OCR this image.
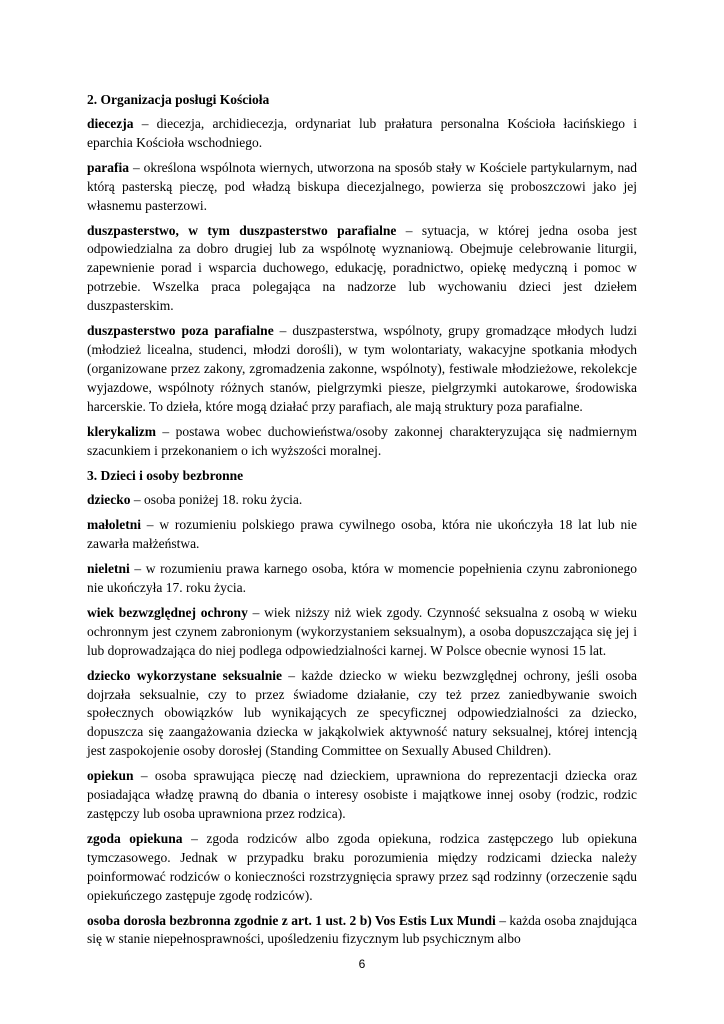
2. Organizacja posługi Kościoła

diecezja – diecezja, archidiecezja, ordynariat lub prałatura personalna Kościoła łacińskiego i eparchia Kościoła wschodniego.

parafia – określona wspólnota wiernych, utworzona na sposób stały w Kościele partykularnym, nad którą pasterską pieczę, pod władzą biskupa diecezjalnego, powierza się proboszczowi jako jej własnemu pasterzowi.

duszpasterstwo, w tym duszpasterstwo parafialne – sytuacja, w której jedna osoba jest odpowiedzialna za dobro drugiej lub za wspólnotę wyznaniową. Obejmuje celebrowanie liturgii, zapewnienie porad i wsparcia duchowego, edukację, poradnictwo, opiekę medyczną i pomoc w potrzebie. Wszelka praca polegająca na nadzorze lub wychowaniu dzieci jest dziełem duszpasterskim.

duszpasterstwo poza parafialne – duszpasterstwa, wspólnoty, grupy gromadzące młodych ludzi (młodzież licealna, studenci, młodzi dorośli), w tym wolontariaty, wakacyjne spotkania młodych (organizowane przez zakony, zgromadzenia zakonne, wspólnoty), festiwale młodzieżowe, rekolekcje wyjazdowe, wspólnoty różnych stanów, pielgrzymki piesze, pielgrzymki autokarowe, środowiska harcerskie. To dzieła, które mogą działać przy parafiach, ale mają struktury poza parafialne.

klerykalizm – postawa wobec duchowieństwa/osoby zakonnej charakteryzująca się nadmiernym szacunkiem i przekonaniem o ich wyższości moralnej.

3. Dzieci i osoby bezbronne

dziecko – osoba poniżej 18. roku życia.

małoletni – w rozumieniu polskiego prawa cywilnego osoba, która nie ukończyła 18 lat lub nie zawarła małżeństwa.

nieletni – w rozumieniu prawa karnego osoba, która w momencie popełnienia czynu zabronionego nie ukończyła 17. roku życia.

wiek bezwzględnej ochrony – wiek niższy niż wiek zgody. Czynność seksualna z osobą w wieku ochronnym jest czynem zabronionym (wykorzystaniem seksualnym), a osoba dopuszczająca się jej i lub doprowadzająca do niej podlega odpowiedzialności karnej. W Polsce obecnie wynosi 15 lat.

dziecko wykorzystane seksualnie – każde dziecko w wieku bezwzględnej ochrony, jeśli osoba dojrzała seksualnie, czy to przez świadome działanie, czy też przez zaniedbywanie swoich społecznych obowiązków lub wynikających ze specyficznej odpowiedzialności za dziecko, dopuszcza się zaangażowania dziecka w jakąkolwiek aktywność natury seksualnej, której intencją jest zaspokojenie osoby dorosłej (Standing Committee on Sexually Abused Children).

opiekun – osoba sprawująca pieczę nad dzieckiem, uprawniona do reprezentacji dziecka oraz posiadająca władzę prawną do dbania o interesy osobiste i majątkowe innej osoby (rodzic, rodzic zastępczy lub osoba uprawniona przez rodzica).

zgoda opiekuna – zgoda rodziców albo zgoda opiekuna, rodzica zastępczego lub opiekuna tymczasowego. Jednak w przypadku braku porozumienia między rodzicami dziecka należy poinformować rodziców o konieczności rozstrzygnięcia sprawy przez sąd rodzinny (orzeczenie sądu opiekuńczego zastępuje zgodę rodziców).

osoba dorosła bezbronna zgodnie z art. 1 ust. 2 b) Vos Estis Lux Mundi – każda osoba znajdująca się w stanie niepełnosprawności, upośledzeniu fizycznym lub psychicznym albo

6
